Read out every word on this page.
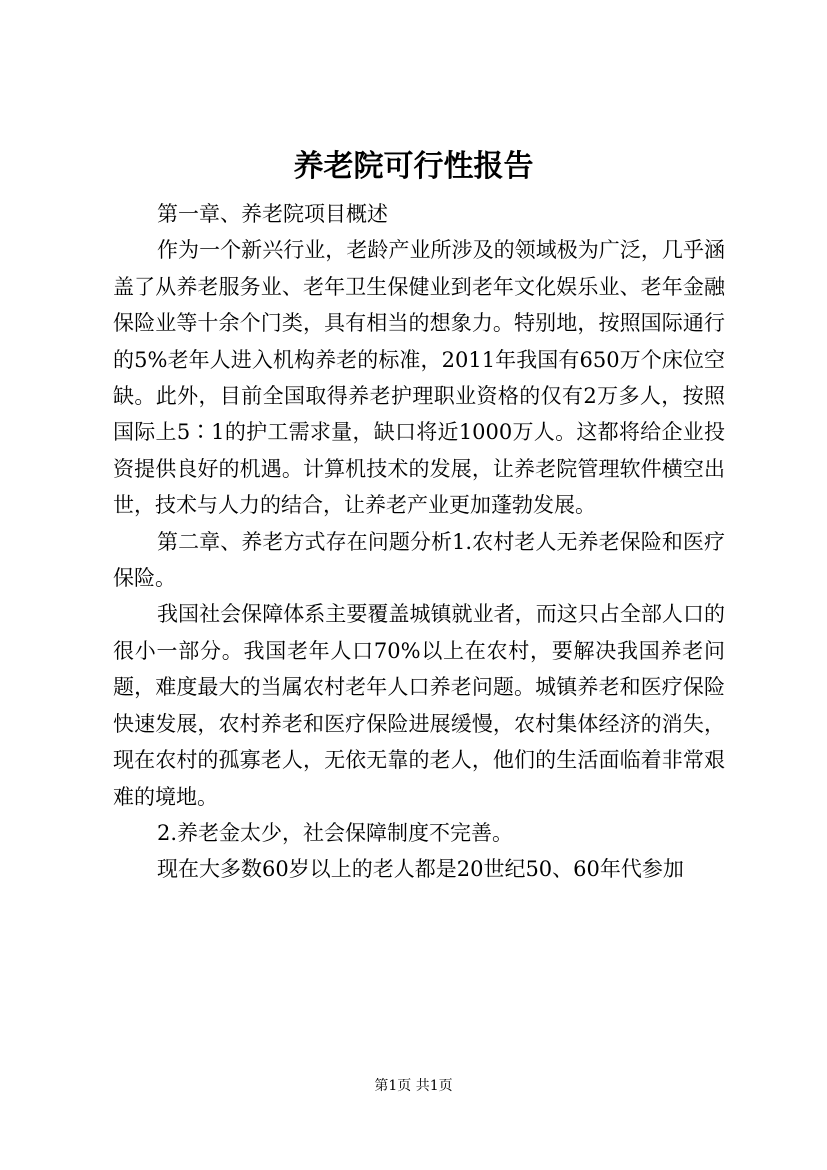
养老院可行性报告

第一章、养老院项目概述

作为一个新兴行业，老龄产业所涉及的领域极为广泛，几乎涵盖了从养老服务业、老年卫生保健业到老年文化娱乐业、老年金融保险业等十余个门类，具有相当的想象力。特别地，按照国际通行的5%老年人进入机构养老的标准，2011年我国有650万个床位空缺。此外，目前全国取得养老护理职业资格的仅有2万多人，按照国际上5∶1的护工需求量，缺口将近1000万人。这都将给企业投资提供良好的机遇。计算机技术的发展，让养老院管理软件横空出世，技术与人力的结合，让养老产业更加蓬勃发展。

第二章、养老方式存在问题分析1.农村老人无养老保险和医疗保险。

我国社会保障体系主要覆盖城镇就业者，而这只占全部人口的很小一部分。我国老年人口70%以上在农村，要解决我国养老问题，难度最大的当属农村老年人口养老问题。城镇养老和医疗保险快速发展，农村养老和医疗保险进展缓慢，农村集体经济的消失，现在农村的孤寡老人，无依无靠的老人，他们的生活面临着非常艰难的境地。

2.养老金太少，社会保障制度不完善。

现在大多数60岁以上的老人都是20世纪50、60年代参加

第1页 共1页
